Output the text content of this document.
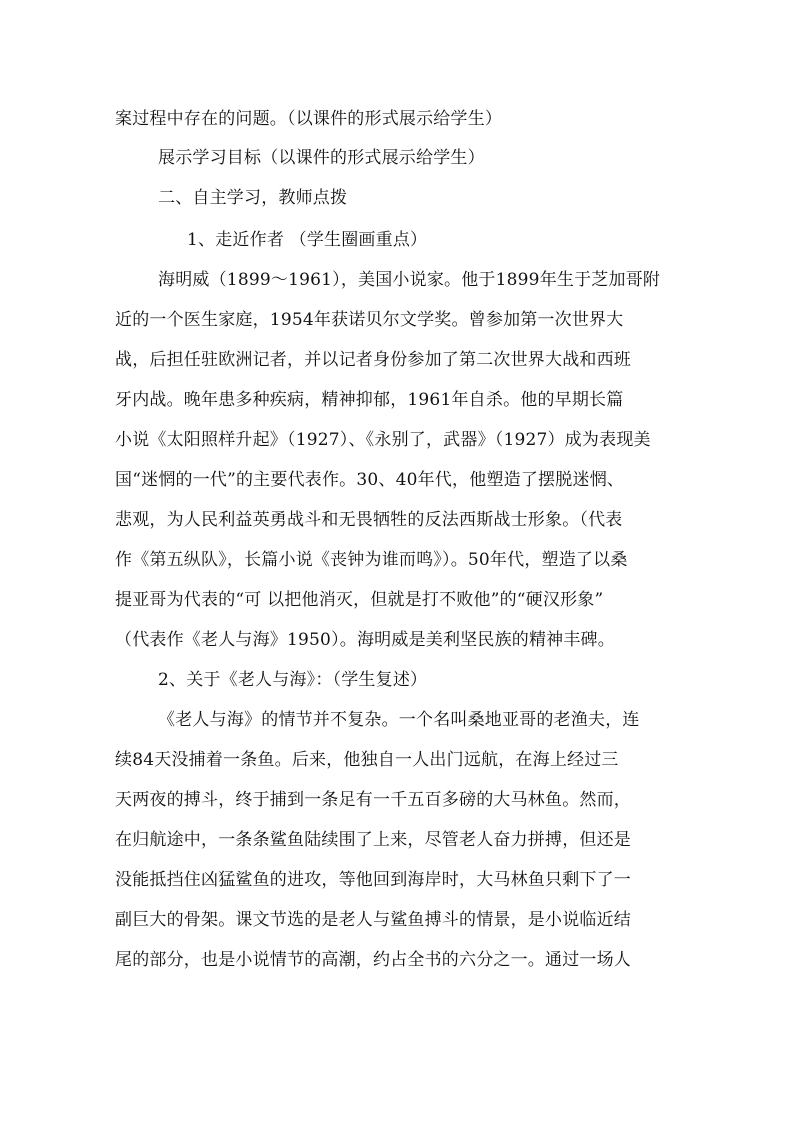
案过程中存在的问题。（以课件的形式展示给学生）
展示学习目标（以课件的形式展示给学生）
二、自主学习，教师点拨
1、走近作者 （学生圈画重点）
海明威（1899～1961），美国小说家。他于1899年生于芝加哥附
近的一个医生家庭，1954年获诺贝尔文学奖。曾参加第一次世界大
战，后担任驻欧洲记者，并以记者身份参加了第二次世界大战和西班
牙内战。晚年患多种疾病，精神抑郁，1961年自杀。他的早期长篇
小说《太阳照样升起》（1927）、《永别了，武器》（1927）成为表现美
国“迷惘的一代”的主要代表作。30、40年代，他塑造了摆脱迷惘、
悲观，为人民利益英勇战斗和无畏牺牲的反法西斯战士形象。（代表
作《第五纵队》，长篇小说《丧钟为谁而鸣》）。50年代，塑造了以桑
提亚哥为代表的“可 以把他消灭，但就是打不败他”的“硬汉形象”
（代表作《老人与海》1950）。海明威是美利坚民族的精神丰碑。
2、关于《老人与海》：（学生复述）
《老人与海》的情节并不复杂。一个名叫桑地亚哥的老渔夫，连
续84天没捕着一条鱼。后来，他独自一人出门远航，在海上经过三
天两夜的搏斗，终于捕到一条足有一千五百多磅的大马林鱼。然而，
在归航途中，一条条鲨鱼陆续围了上来，尽管老人奋力拼搏，但还是
没能抵挡住凶猛鲨鱼的进攻，等他回到海岸时，大马林鱼只剩下了一
副巨大的骨架。课文节选的是老人与鲨鱼搏斗的情景，是小说临近结
尾的部分，也是小说情节的高潮，约占全书的六分之一。通过一场人
